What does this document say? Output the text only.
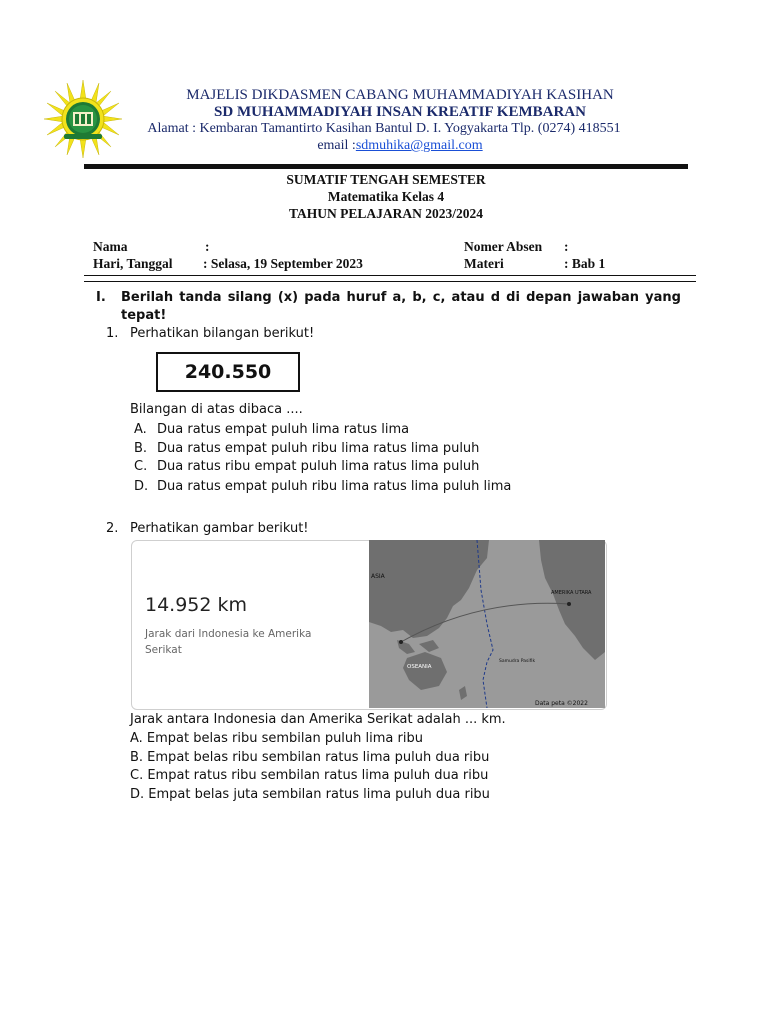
MAJELIS DIKDASMEN CABANG MUHAMMADIYAH KASIHAN
SD MUHAMMADIYAH INSAN KREATIF KEMBARAN
Alamat : Kembaran Tamantirto Kasihan Bantul D. I. Yogyakarta Tlp. (0274) 418551
email :sdmuhika@gmail.com
SUMATIF TENGAH SEMESTER
Matematika Kelas 4
TAHUN PELAJARAN 2023/2024
Nama	:
Hari, Tanggal : Selasa, 19 September 2023
Nomer Absen :
Materi	: Bab 1
I. Berilah tanda silang (x) pada huruf a, b, c, atau d di depan jawaban yang tepat!
1. Perhatikan bilangan berikut!
240.550
Bilangan di atas dibaca ....
A. Dua ratus empat puluh lima ratus lima
B. Dua ratus empat puluh ribu lima ratus lima puluh
C. Dua ratus ribu empat puluh lima ratus lima puluh
D. Dua ratus empat puluh ribu lima ratus lima puluh lima
2. Perhatikan gambar berikut!
14.952 km
Jarak dari Indonesia ke Amerika Serikat
ASIA
AMERIKA UTARA
OSEANIA
Samudra Pasifik
Data peta ©2022
Jarak antara Indonesia dan Amerika Serikat adalah ... km.
A. Empat belas ribu sembilan puluh lima ribu
B. Empat belas ribu sembilan ratus lima puluh dua ribu
C. Empat ratus ribu sembilan ratus lima puluh dua ribu
D. Empat belas juta sembilan ratus lima puluh dua ribu
